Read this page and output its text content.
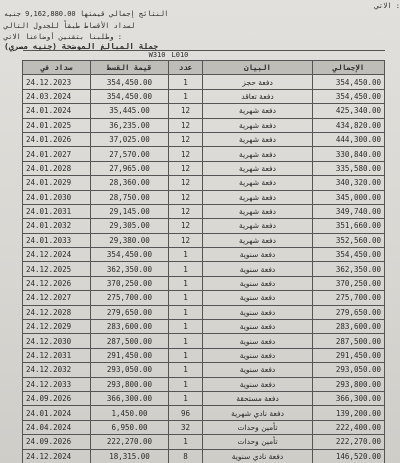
الاتي :
النتائج إجمالي قيمتها 9,162,880.00 جنيه
لسداد الأقساط طبقاً للجدول التالي
وطلبنا بتقنين أوضاعنا الاتي :
جملة المبالغ الموضحة (جنيه مصري)
W310		L010		
سداد في	قيمة القسط	عدد	البيان	الإجمالي
24.12.2023	354,450.00	1	دفعة حجز	354,450.00
24.03.2024	354,450.00	1	دفعة تعاقد	354,450.00
24.01.2024	35,445.00	12	دفعة شهرية	425,340.00
24.01.2025	36,235.00	12	دفعة شهرية	434,820.00
24.01.2026	37,025.00	12	دفعة شهرية	444,300.00
24.01.2027	27,570.00	12	دفعة شهرية	330,840.00
24.01.2028	27,965.00	12	دفعة شهرية	335,580.00
24.01.2029	28,360.00	12	دفعة شهرية	340,320.00
24.01.2030	28,750.00	12	دفعة شهرية	345,000.00
24.01.2031	29,145.00	12	دفعة شهرية	349,740.00
24.01.2032	29,305.00	12	دفعة شهرية	351,660.00
24.01.2033	29,380.00	12	دفعة شهرية	352,560.00
24.12.2024	354,450.00	1	دفعة سنوية	354,450.00
24.12.2025	362,350.00	1	دفعة سنوية	362,350.00
24.12.2026	370,250.00	1	دفعة سنوية	370,250.00
24.12.2027	275,700.00	1	دفعة سنوية	275,700.00
24.12.2028	279,650.00	1	دفعة سنوية	279,650.00
24.12.2029	283,600.00	1	دفعة سنوية	283,600.00
24.12.2030	287,500.00	1	دفعة سنوية	287,500.00
24.12.2031	291,450.00	1	دفعة سنوية	291,450.00
24.12.2032	293,050.00	1	دفعة سنوية	293,050.00
24.12.2033	293,800.00	1	دفعة سنوية	293,800.00
24.09.2026	366,300.00	1	دفعة مستحقة	366,300.00
24.01.2024	1,450.00	96	دفعة نادي شهرية	139,200.00
24.04.2024	6,950.00	32	تأمين وحدات	222,400.00
24.09.2026	222,270.00	1	تأمين وحدات	222,270.00
24.12.2024	18,315.00	8	دفعة نادي سنوية	146,520.00
